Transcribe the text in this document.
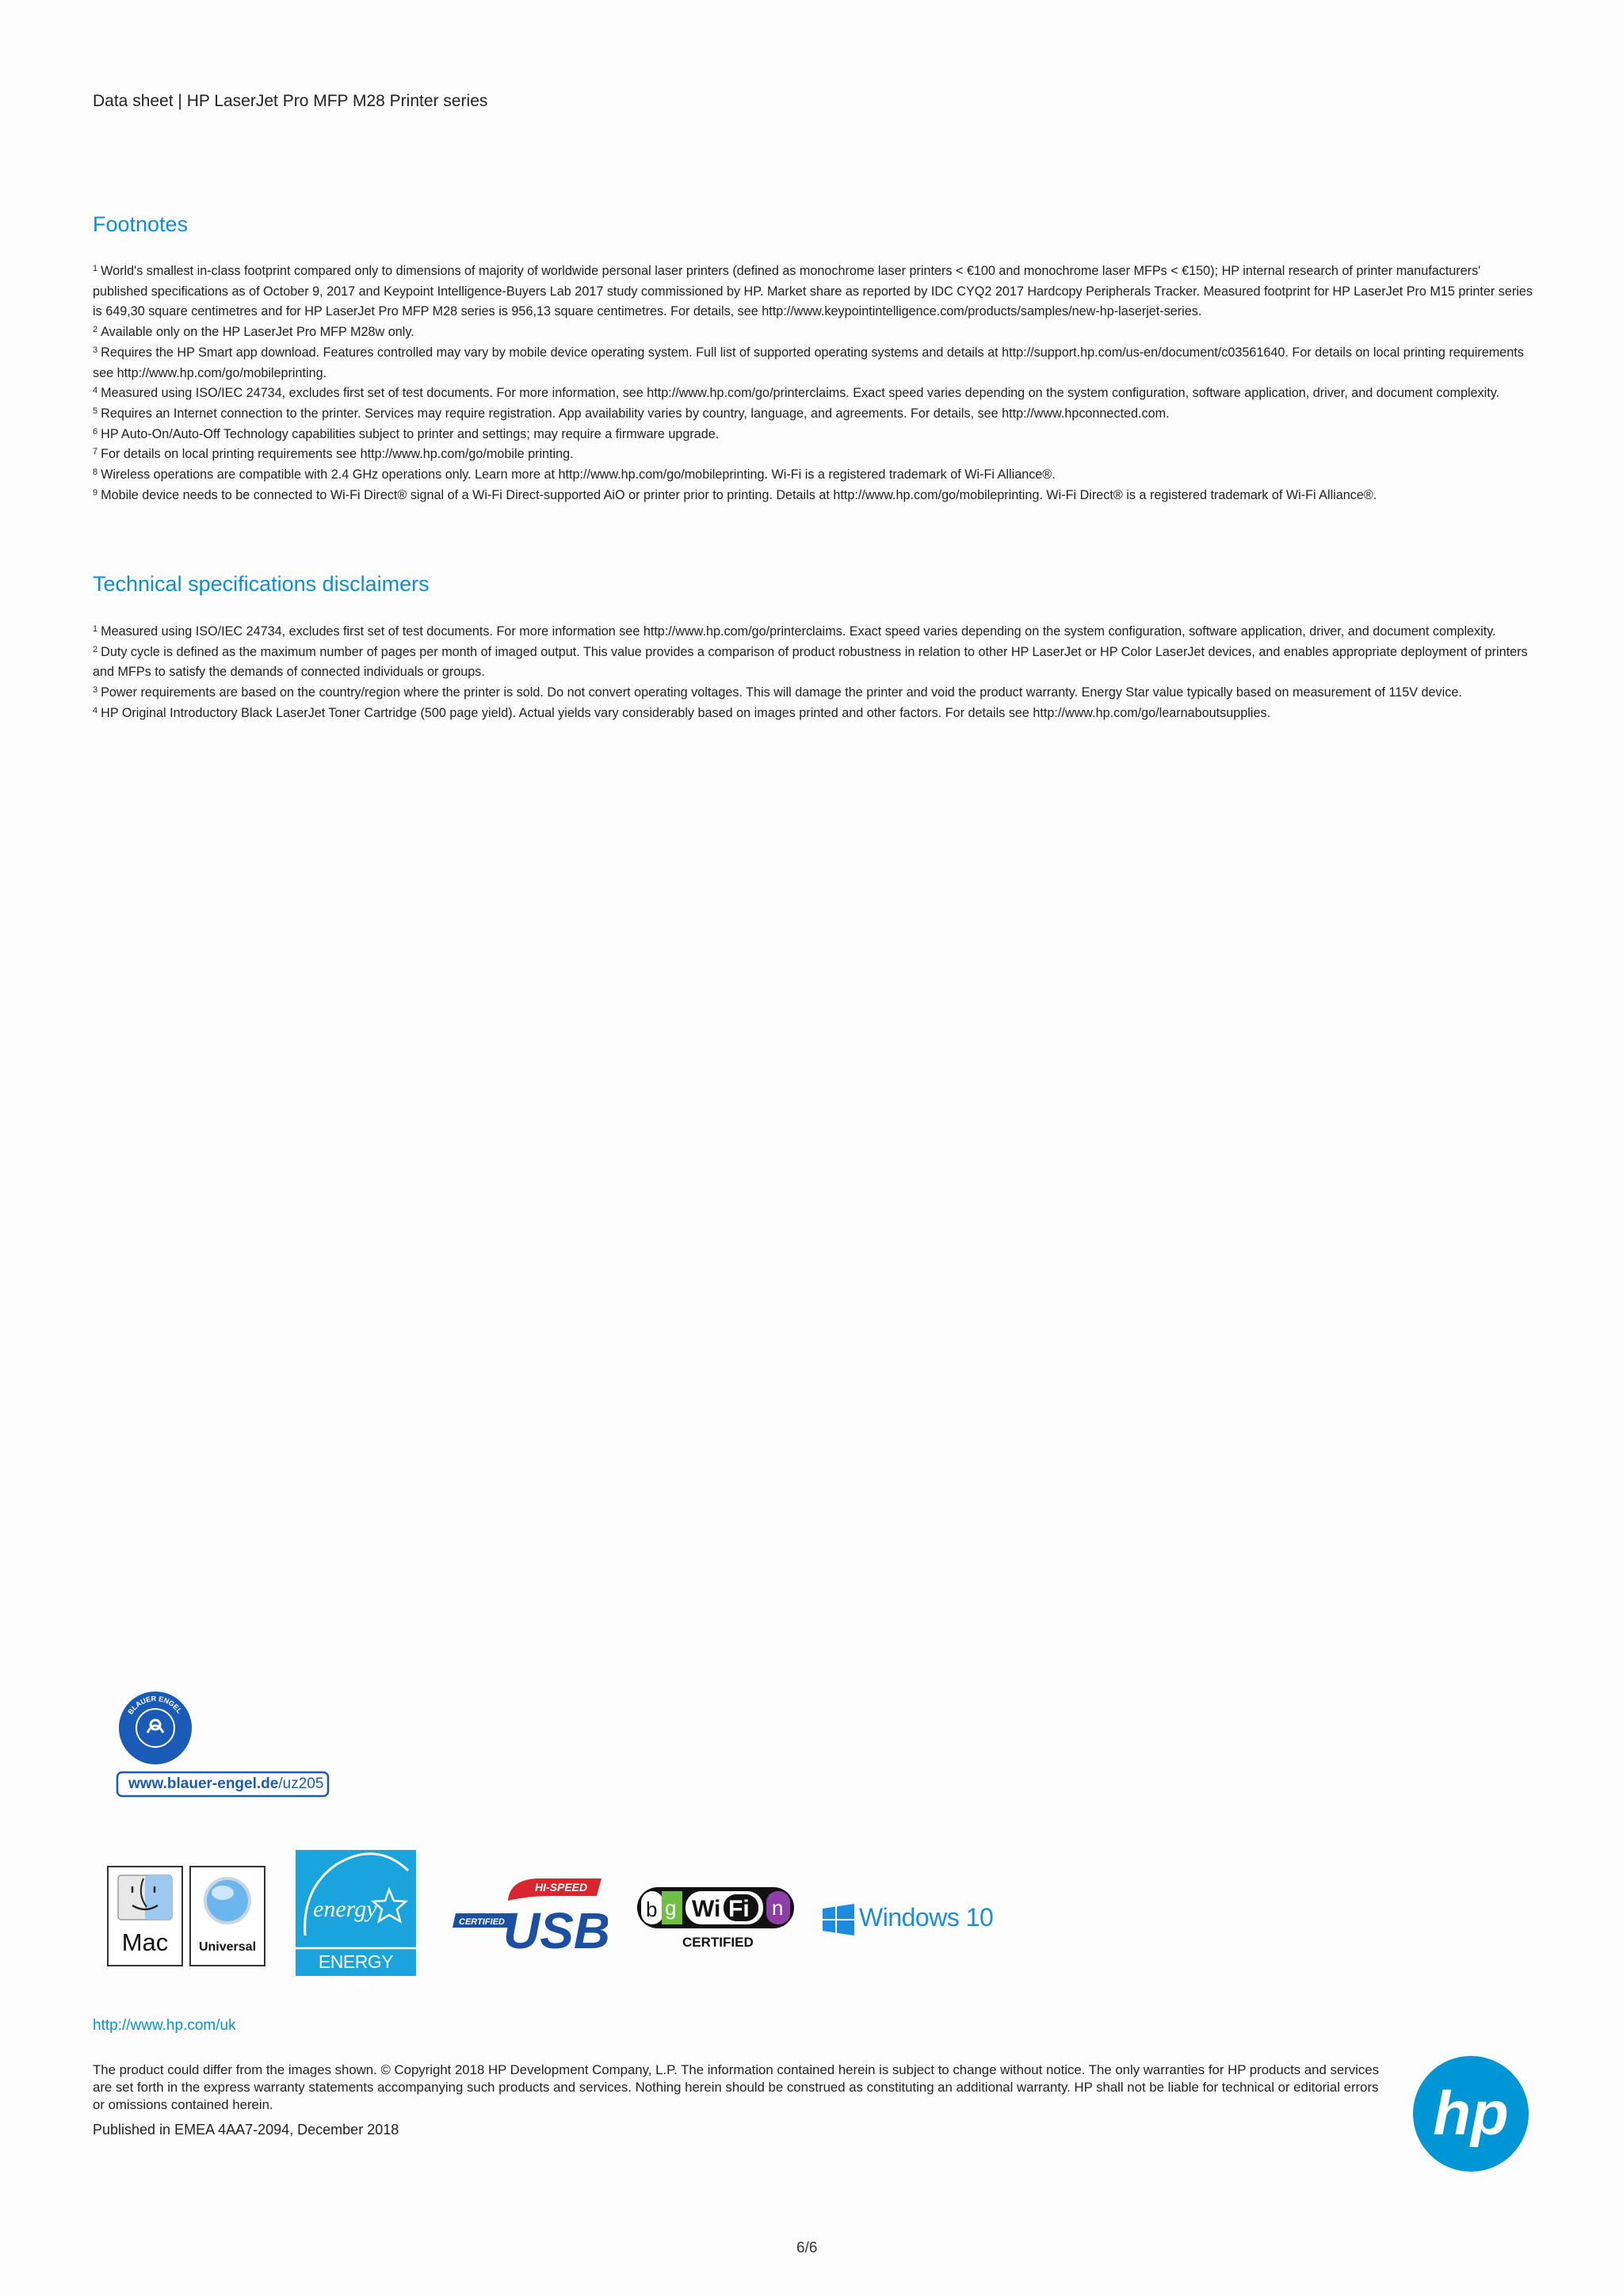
Data sheet | HP LaserJet Pro MFP M28 Printer series
Footnotes

$^1$ World's smallest in-class footprint compared only to dimensions of majority of worldwide personal laser printers (defined as monochrome laser printers < €100 and monochrome laser MFPs < €150); HP internal research of printer manufacturers' published specifications as of October 9, 2017 and Keypoint Intelligence-Buyers Lab 2017 study commissioned by HP. Market share as reported by IDC CYQ2 2017 Hardcopy Peripherals Tracker. Measured footprint for HP LaserJet Pro M15 printer series is 649,30 square centimetres and for HP LaserJet Pro MFP M28 series is 956,13 square centimetres. For details, see http://www.keypointintelligence.com/products/samples/new-hp-laserjet-series.

$^2$ Available only on the HP LaserJet Pro MFP M28w only.

$^3$ Requires the HP Smart app download. Features controlled may vary by mobile device operating system. Full list of supported operating systems and details at http://support.hp.com/us-en/document/c03561640. For details on local printing requirements see http://www.hp.com/go/mobileprinting.

$^4$ Measured using ISO/IEC 24734, excludes first set of test documents. For more information, see http://www.hp.com/go/printerclaims. Exact speed varies depending on the system configuration, software application, driver, and document complexity.

$^5$ Requires an Internet connection to the printer. Services may require registration. App availability varies by country, language, and agreements. For details, see http://www.hpconnected.com.

$^6$ HP Auto-On/Auto-Off Technology capabilities subject to printer and settings; may require a firmware upgrade.

$^7$ For details on local printing requirements see http://www.hp.com/go/mobile printing.

$^8$ Wireless operations are compatible with 2.4 GHz operations only. Learn more at http://www.hp.com/go/mobileprinting. Wi-Fi is a registered trademark of Wi-Fi Alliance®.

$^9$ Mobile device needs to be connected to Wi-Fi Direct® signal of a Wi-Fi Direct-supported AiO or printer prior to printing. Details at http://www.hp.com/go/mobileprinting. Wi-Fi Direct® is a registered trademark of Wi-Fi Alliance®.

Technical specifications disclaimers

$^1$ Measured using ISO/IEC 24734, excludes first set of test documents. For more information see http://www.hp.com/go/printerclaims. Exact speed varies depending on the system configuration, software application, driver, and document complexity.

$^2$ Duty cycle is defined as the maximum number of pages per month of imaged output. This value provides a comparison of product robustness in relation to other HP LaserJet or HP Color LaserJet devices, and enables appropriate deployment of printers and MFPs to satisfy the demands of connected individuals or groups.

$^3$ Power requirements are based on the country/region where the printer is sold. Do not convert operating voltages. This will damage the printer and void the product warranty. Energy Star value typically based on measurement of 115V device.

$^4$ HP Original Introductory Black LaserJet Toner Cartridge (500 page yield). Actual yields vary considerably based on images printed and other factors. For details see http://www.hp.com/go/learnaboutsupplies.

BLAUER ENGEL
www.blauer-engel.de/uz205
Mac	Universal
energy
ENERGY STAR
HI-SPEED
CERTIFIED
USB b g Wi Fi n
CERTIFIED
Windows 10
http://www.hp.com/uk

The product could differ from the images shown. © Copyright 2018 HP Development Company, L.P. The information contained herein is subject to change without notice. The only warranties for HP products and services are set forth in the express warranty statements accompanying such products and services. Nothing herein should be construed as constituting an additional warranty. HP shall not be liable for technical or editorial errors or omissions contained herein.

Published in EMEA 4AA7-2094, December 2018	hp
6/6
